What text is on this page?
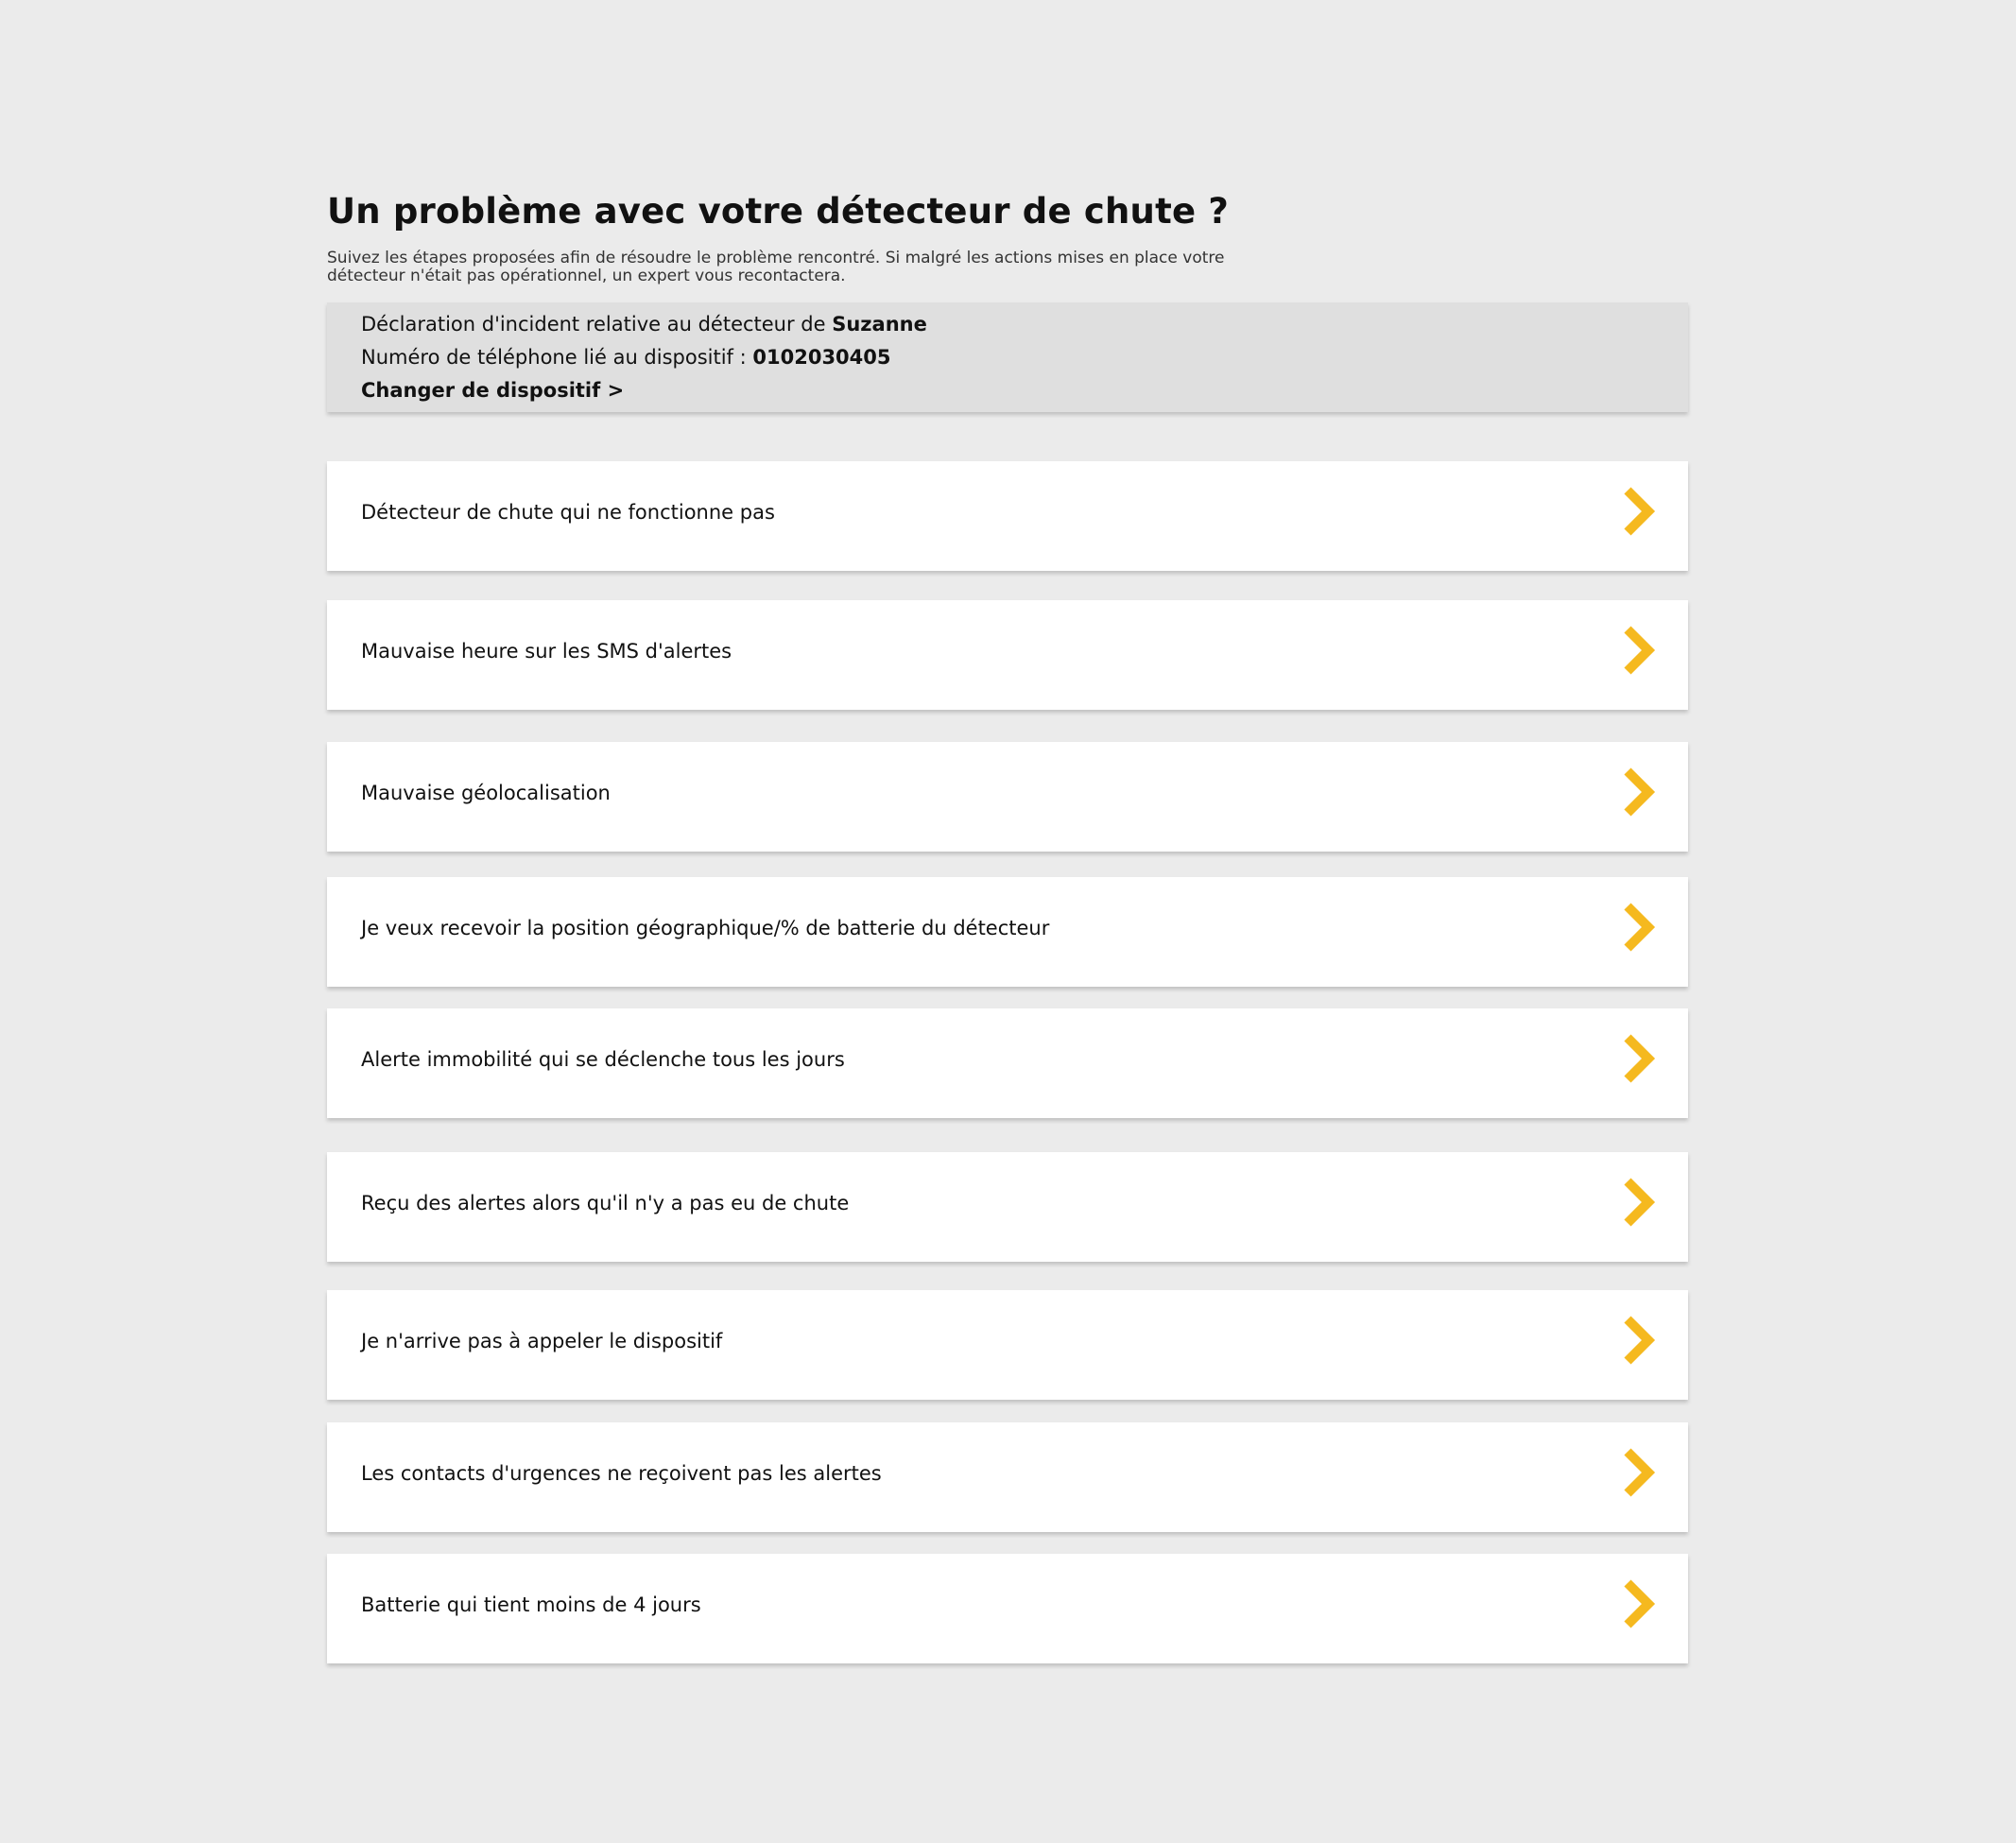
Un problème avec votre détecteur de chute ?

Suivez les étapes proposées afin de résoudre le problème rencontré. Si malgré les actions mises en place votre détecteur n'était pas opérationnel, un expert vous recontactera.

Déclaration d'incident relative au détecteur de Suzanne

Numéro de téléphone lié au dispositif : 0102030405

Changer de dispositif >

Détecteur de chute qui ne fonctionne pas
Mauvaise heure sur les SMS d'alertes
Mauvaise géolocalisation
Je veux recevoir la position géographique/% de batterie du détecteur
Alerte immobilité qui se déclenche tous les jours
Reçu des alertes alors qu'il n'y a pas eu de chute
Je n'arrive pas à appeler le dispositif
Les contacts d'urgences ne reçoivent pas les alertes
Batterie qui tient moins de 4 jours
